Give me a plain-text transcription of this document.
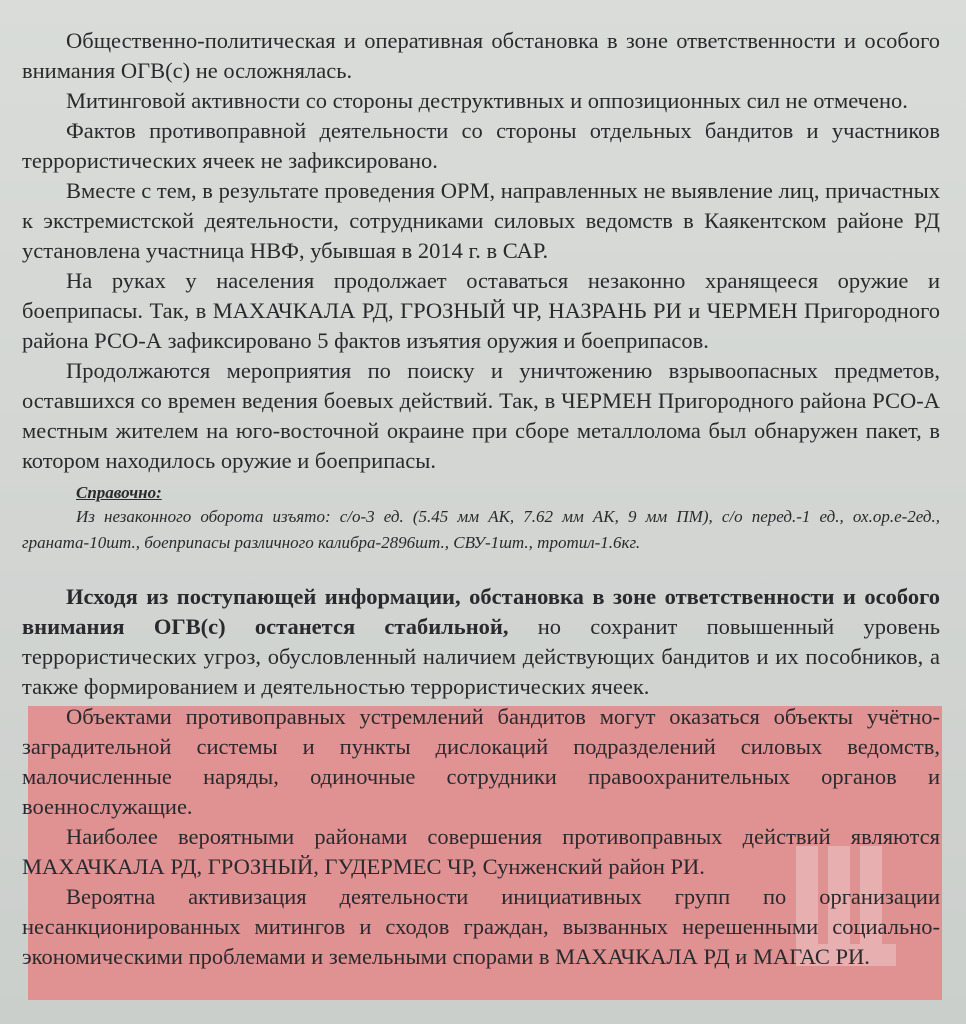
Общественно-политическая и оперативная обстановка в зоне ответственности и особого внимания ОГВ(с) не осложнялась.

Митинговой активности со стороны деструктивных и оппозиционных сил не отмечено.

Фактов противоправной деятельности со стороны отдельных бандитов и участников террористических ячеек не зафиксировано.

Вместе с тем, в результате проведения ОРМ, направленных не выявление лиц, причастных к экстремистской деятельности, сотрудниками силовых ведомств в Каякентском районе РД установлена участница НВФ, убывшая в 2014 г. в САР.

На руках у населения продолжает оставаться незаконно хранящееся оружие и боеприпасы. Так, в МАХАЧКАЛА РД, ГРОЗНЫЙ ЧР, НАЗРАНЬ РИ и ЧЕРМЕН Пригородного района РСО-А зафиксировано 5 фактов изъятия оружия и боеприпасов.

Продолжаются мероприятия по поиску и уничтожению взрывоопасных предметов, оставшихся со времен ведения боевых действий. Так, в ЧЕРМЕН Пригородного района РСО-А местным жителем на юго-восточной окраине при сборе металлолома был обнаружен пакет, в котором находилось оружие и боеприпасы.

Справочно:

Из незаконного оборота изъято: с/о-3 ед. (5.45 мм АК, 7.62 мм АК, 9 мм ПМ), с/о перед.-1 ед., ох.ор.е-2ед., граната-10шт., боеприпасы различного калибра-2896шт., СВУ-1шт., тротил-1.6кг.

Исходя из поступающей информации, обстановка в зоне ответственности и особого внимания ОГВ(с) останется стабильной, но сохранит повышенный уровень террористических угроз, обусловленный наличием действующих бандитов и их пособников, а также формированием и деятельностью террористических ячеек.

Объектами противоправных устремлений бандитов могут оказаться объекты учётно-заградительной системы и пункты дислокаций подразделений силовых ведомств, малочисленные наряды, одиночные сотрудники правоохранительных органов и военнослужащие.

Наиболее вероятными районами совершения противоправных действий являются МАХАЧКАЛА РД, ГРОЗНЫЙ, ГУДЕРМЕС ЧР, Сунженский район РИ.

Вероятна активизация деятельности инициативных групп по организации несанкционированных митингов и сходов граждан, вызванных нерешенными социально-экономическими проблемами и земельными спорами в МАХАЧКАЛА РД и МАГАС РИ.
